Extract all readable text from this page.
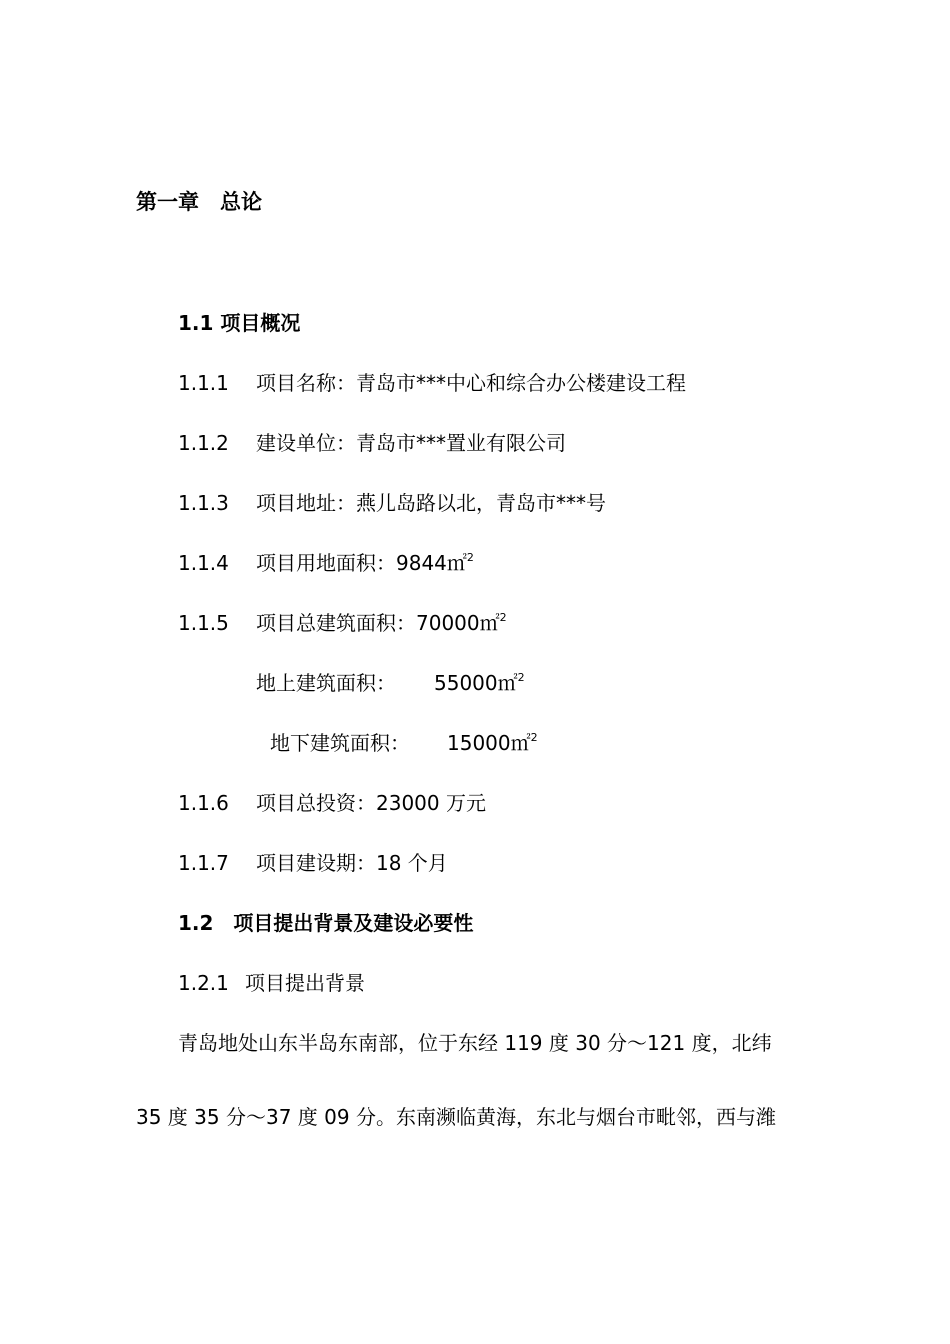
第一章　总论
1.1 项目概况
1.1.1 项目名称：青岛市***中心和综合办公楼建设工程
1.1.2 建设单位：青岛市***置业有限公司
1.1.3 项目地址：燕儿岛路以北，青岛市***号
1.1.4 项目用地面积：9844㎡$^2$
1.1.5 项目总建筑面积：70000㎡$^2$
地上建筑面积： 55000㎡$^2$
地下建筑面积： 15000㎡$^2$
1.1.6 项目总投资：23000 万元
1.1.7 项目建设期：18 个月
1.2　项目提出背景及建设必要性
1.2.1 项目提出背景
青岛地处山东半岛东南部，位于东经 119 度 30 分～121 度，北纬
35 度 35 分～37 度 09 分。东南濒临黄海，东北与烟台市毗邻，西与潍
